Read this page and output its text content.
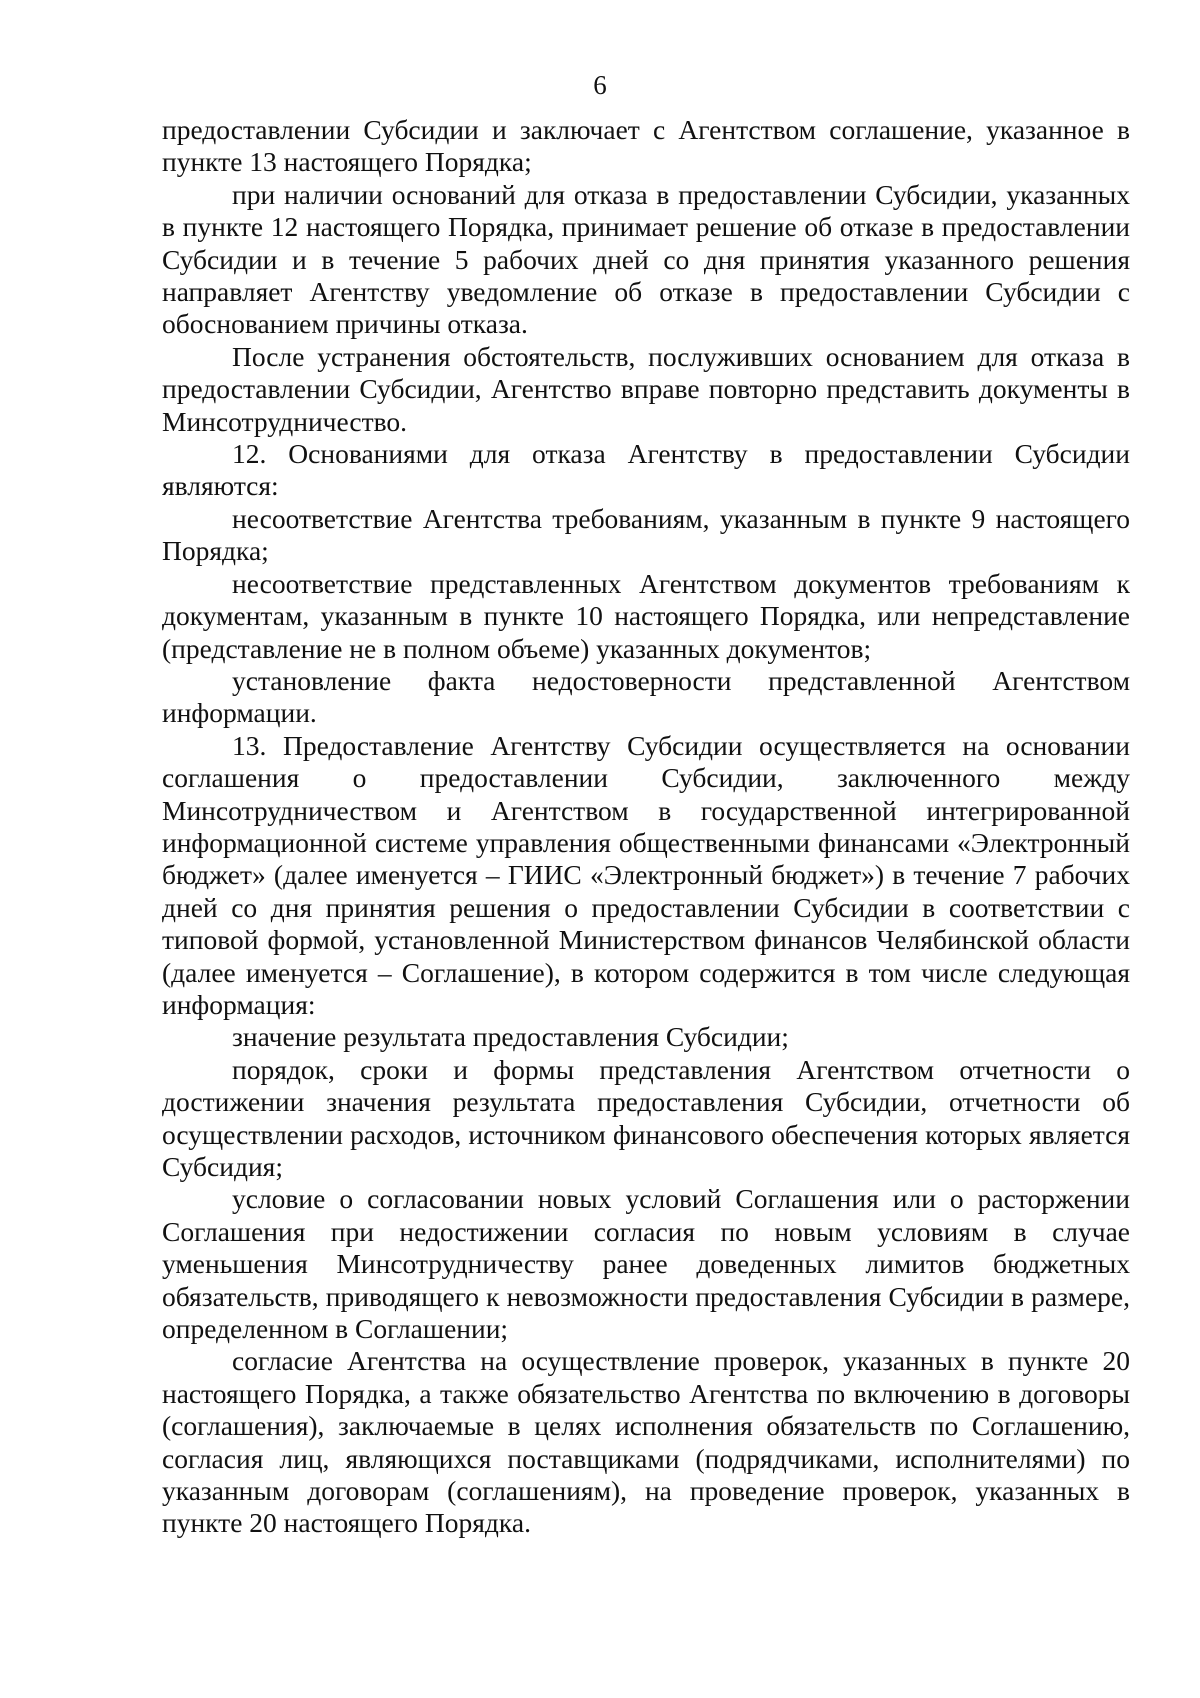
6

предоставлении Субсидии и заключает с Агентством соглашение, указанное в пункте 13 настоящего Порядка;

при наличии оснований для отказа в предоставлении Субсидии, указанных в пункте 12 настоящего Порядка, принимает решение об отказе в предоставлении Субсидии и в течение 5 рабочих дней со дня принятия указанного решения направляет Агентству уведомление об отказе в предоставлении Субсидии с обоснованием причины отказа.

После устранения обстоятельств, послуживших основанием для отказа в предоставлении Субсидии, Агентство вправе повторно представить документы в Минсотрудничество.

12. Основаниями для отказа Агентству в предоставлении Субсидии являются:

несоответствие Агентства требованиям, указанным в пункте 9 настоящего Порядка;

несоответствие представленных Агентством документов требованиям к документам, указанным в пункте 10 настоящего Порядка, или непредставление (представление не в полном объеме) указанных документов;

установление факта недостоверности представленной Агентством информации.

13. Предоставление Агентству Субсидии осуществляется на основании соглашения о предоставлении Субсидии, заключенного между Минсотрудничеством и Агентством в государственной интегрированной информационной системе управления общественными финансами «Электронный бюджет» (далее именуется – ГИИС «Электронный бюджет») в течение 7 рабочих дней со дня принятия решения о предоставлении Субсидии в соответствии с типовой формой, установленной Министерством финансов Челябинской области (далее именуется – Соглашение), в котором содержится в том числе следующая информация:

значение результата предоставления Субсидии;

порядок, сроки и формы представления Агентством отчетности о достижении значения результата предоставления Субсидии, отчетности об осуществлении расходов, источником финансового обеспечения которых является Субсидия;

условие о согласовании новых условий Соглашения или о расторжении Соглашения при недостижении согласия по новым условиям в случае уменьшения Минсотрудничеству ранее доведенных лимитов бюджетных обязательств, приводящего к невозможности предоставления Субсидии в размере, определенном в Соглашении;

согласие Агентства на осуществление проверок, указанных в пункте 20 настоящего Порядка, а также обязательство Агентства по включению в договоры (соглашения), заключаемые в целях исполнения обязательств по Соглашению, согласия лиц, являющихся поставщиками (подрядчиками, исполнителями) по указанным договорам (соглашениям), на проведение проверок, указанных в пункте 20 настоящего Порядка.
